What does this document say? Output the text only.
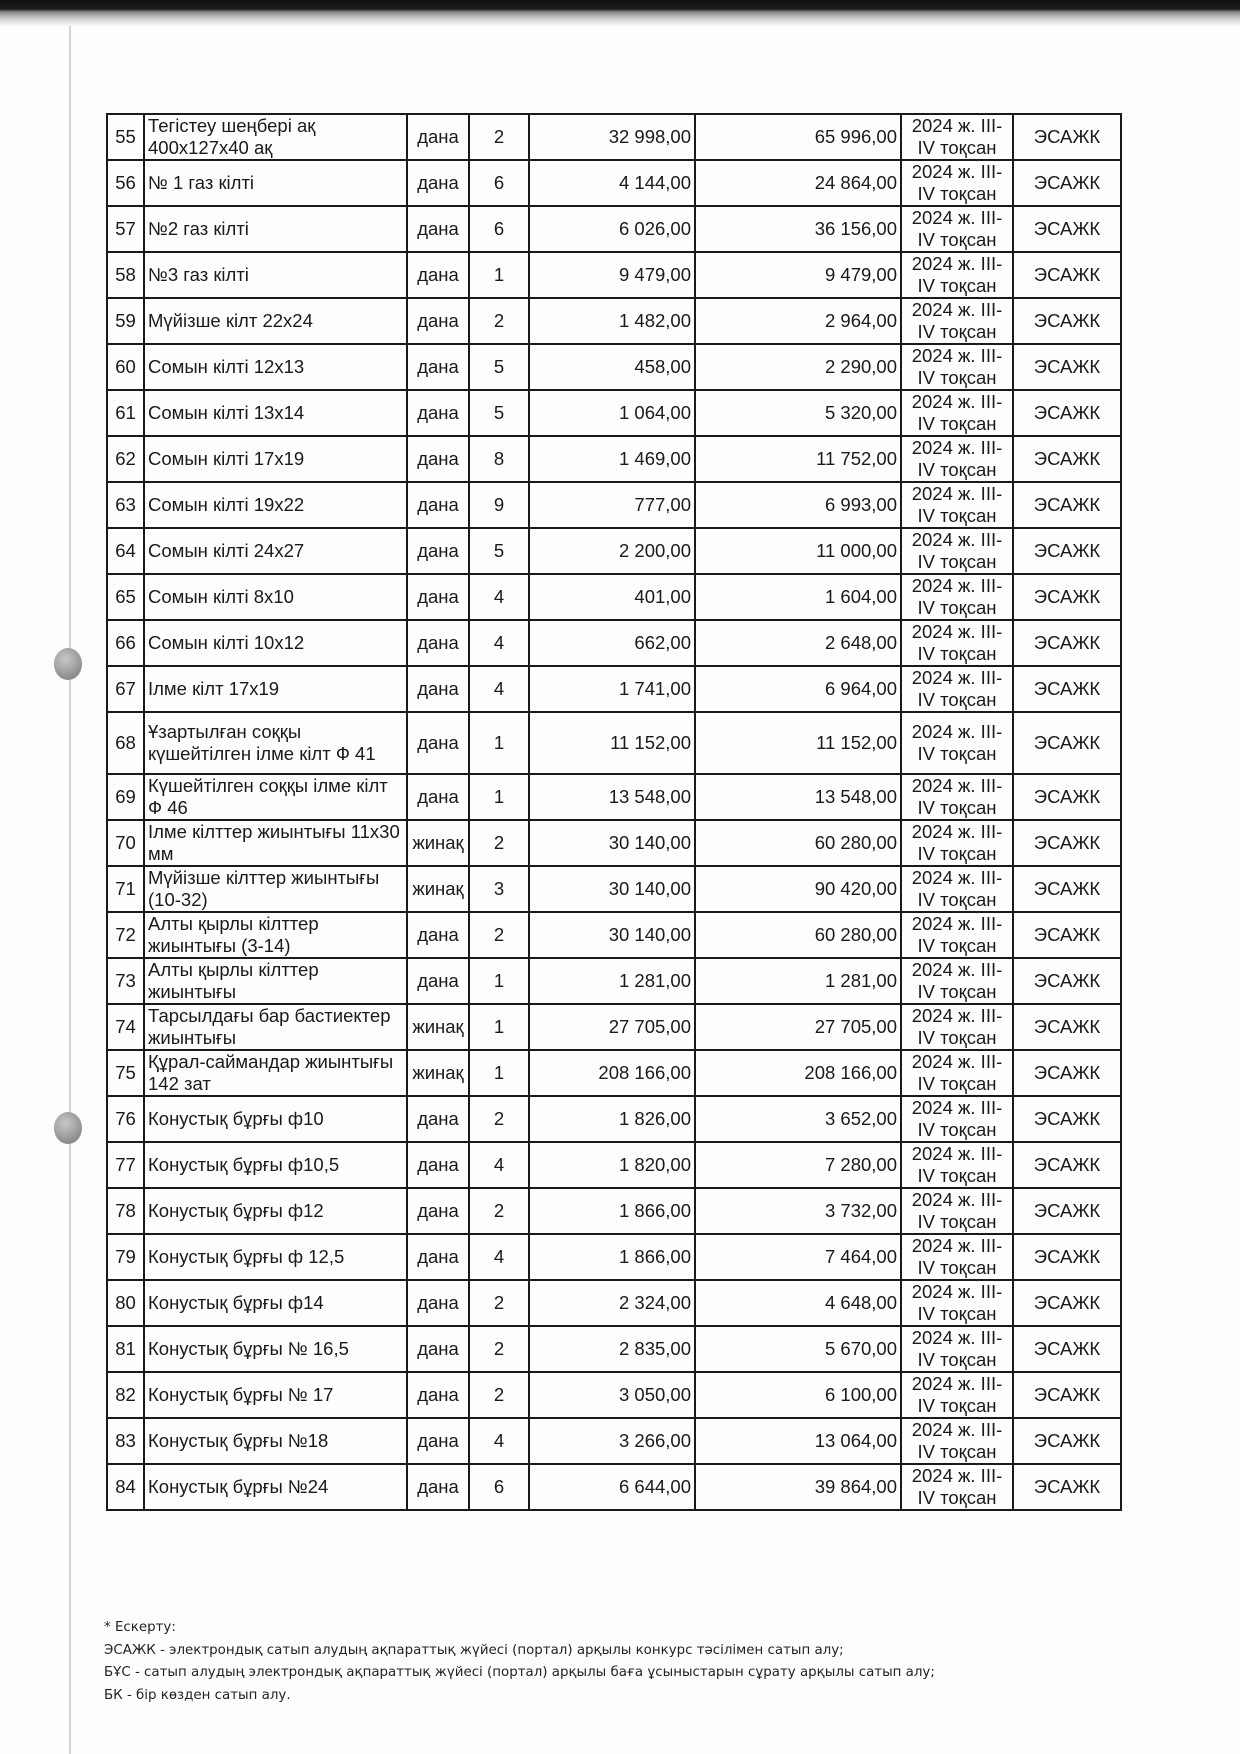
55	Тегістеу шеңбері ақ 400x127x40 ақ	дана	2	32 998,00	65 996,00	2024 ж. III-IV тоқсан	ЭСАЖК
56	№ 1 газ кілті	дана	6	4 144,00	24 864,00	2024 ж. III-IV тоқсан	ЭСАЖК
57	№2 газ кілті	дана	6	6 026,00	36 156,00	2024 ж. III-IV тоқсан	ЭСАЖК
58	№3 газ кілті	дана	1	9 479,00	9 479,00	2024 ж. III-IV тоқсан	ЭСАЖК
59	Мүйізше кілт 22x24	дана	2	1 482,00	2 964,00	2024 ж. III-IV тоқсан	ЭСАЖК
60	Сомын кілті 12x13	дана	5	458,00	2 290,00	2024 ж. III-IV тоқсан	ЭСАЖК
61	Сомын кілті 13x14	дана	5	1 064,00	5 320,00	2024 ж. III-IV тоқсан	ЭСАЖК
62	Сомын кілті 17x19	дана	8	1 469,00	11 752,00	2024 ж. III-IV тоқсан	ЭСАЖК
63	Сомын кілті 19x22	дана	9	777,00	6 993,00	2024 ж. III-IV тоқсан	ЭСАЖК
64	Сомын кілті 24x27	дана	5	2 200,00	11 000,00	2024 ж. III-IV тоқсан	ЭСАЖК
65	Сомын кілті 8x10	дана	4	401,00	1 604,00	2024 ж. III-IV тоқсан	ЭСАЖК
66	Сомын кілті 10x12	дана	4	662,00	2 648,00	2024 ж. III-IV тоқсан	ЭСАЖК
67	Ілме кілт 17x19	дана	4	1 741,00	6 964,00	2024 ж. III-IV тоқсан	ЭСАЖК
68	Ұзартылған соққы күшейтілген ілме кілт Ф 41	дана	1	11 152,00	11 152,00	2024 ж. III-IV тоқсан	ЭСАЖК
69	Күшейтілген соққы ілме кілт Ф 46	дана	1	13 548,00	13 548,00	2024 ж. III-IV тоқсан	ЭСАЖК
70	Ілме кілттер жиынтығы 11x30 мм	жинақ	2	30 140,00	60 280,00	2024 ж. III-IV тоқсан	ЭСАЖК
71	Мүйізше кілттер жиынтығы (10-32)	жинақ	3	30 140,00	90 420,00	2024 ж. III-IV тоқсан	ЭСАЖК
72	Алты қырлы кілттер жиынтығы (3-14)	дана	2	30 140,00	60 280,00	2024 ж. III-IV тоқсан	ЭСАЖК
73	Алты қырлы кілттер жиынтығы	дана	1	1 281,00	1 281,00	2024 ж. III-IV тоқсан	ЭСАЖК
74	Тарсылдағы бар бастиектер жиынтығы	жинақ	1	27 705,00	27 705,00	2024 ж. III-IV тоқсан	ЭСАЖК
75	Құрал-саймандар жиынтығы 142 зат	жинақ	1	208 166,00	208 166,00	2024 ж. III-IV тоқсан	ЭСАЖК
76	Конустық бұрғы ф10	дана	2	1 826,00	3 652,00	2024 ж. III-IV тоқсан	ЭСАЖК
77	Конустық бұрғы ф10,5	дана	4	1 820,00	7 280,00	2024 ж. III-IV тоқсан	ЭСАЖК
78	Конустық бұрғы ф12	дана	2	1 866,00	3 732,00	2024 ж. III-IV тоқсан	ЭСАЖК
79	Конустық бұрғы ф 12,5	дана	4	1 866,00	7 464,00	2024 ж. III-IV тоқсан	ЭСАЖК
80	Конустық бұрғы ф14	дана	2	2 324,00	4 648,00	2024 ж. III-IV тоқсан	ЭСАЖК
81	Конустық бұрғы № 16,5	дана	2	2 835,00	5 670,00	2024 ж. III-IV тоқсан	ЭСАЖК
82	Конустық бұрғы № 17	дана	2	3 050,00	6 100,00	2024 ж. III-IV тоқсан	ЭСАЖК
83	Конустық бұрғы №18	дана	4	3 266,00	13 064,00	2024 ж. III-IV тоқсан	ЭСАЖК
84	Конустық бұрғы №24	дана	6	6 644,00	39 864,00	2024 ж. III-IV тоқсан	ЭСАЖК
* Ескерту:
ЭСАЖК - электрондық сатып алудың ақпараттық жүйесі (портал) арқылы конкурс тәсілімен сатып алу;
БҰС - сатып алудың электрондық ақпараттық жүйесі (портал) арқылы баға ұсыныстарын сұрату арқылы сатып алу;
БК - бір көзден сатып алу.
